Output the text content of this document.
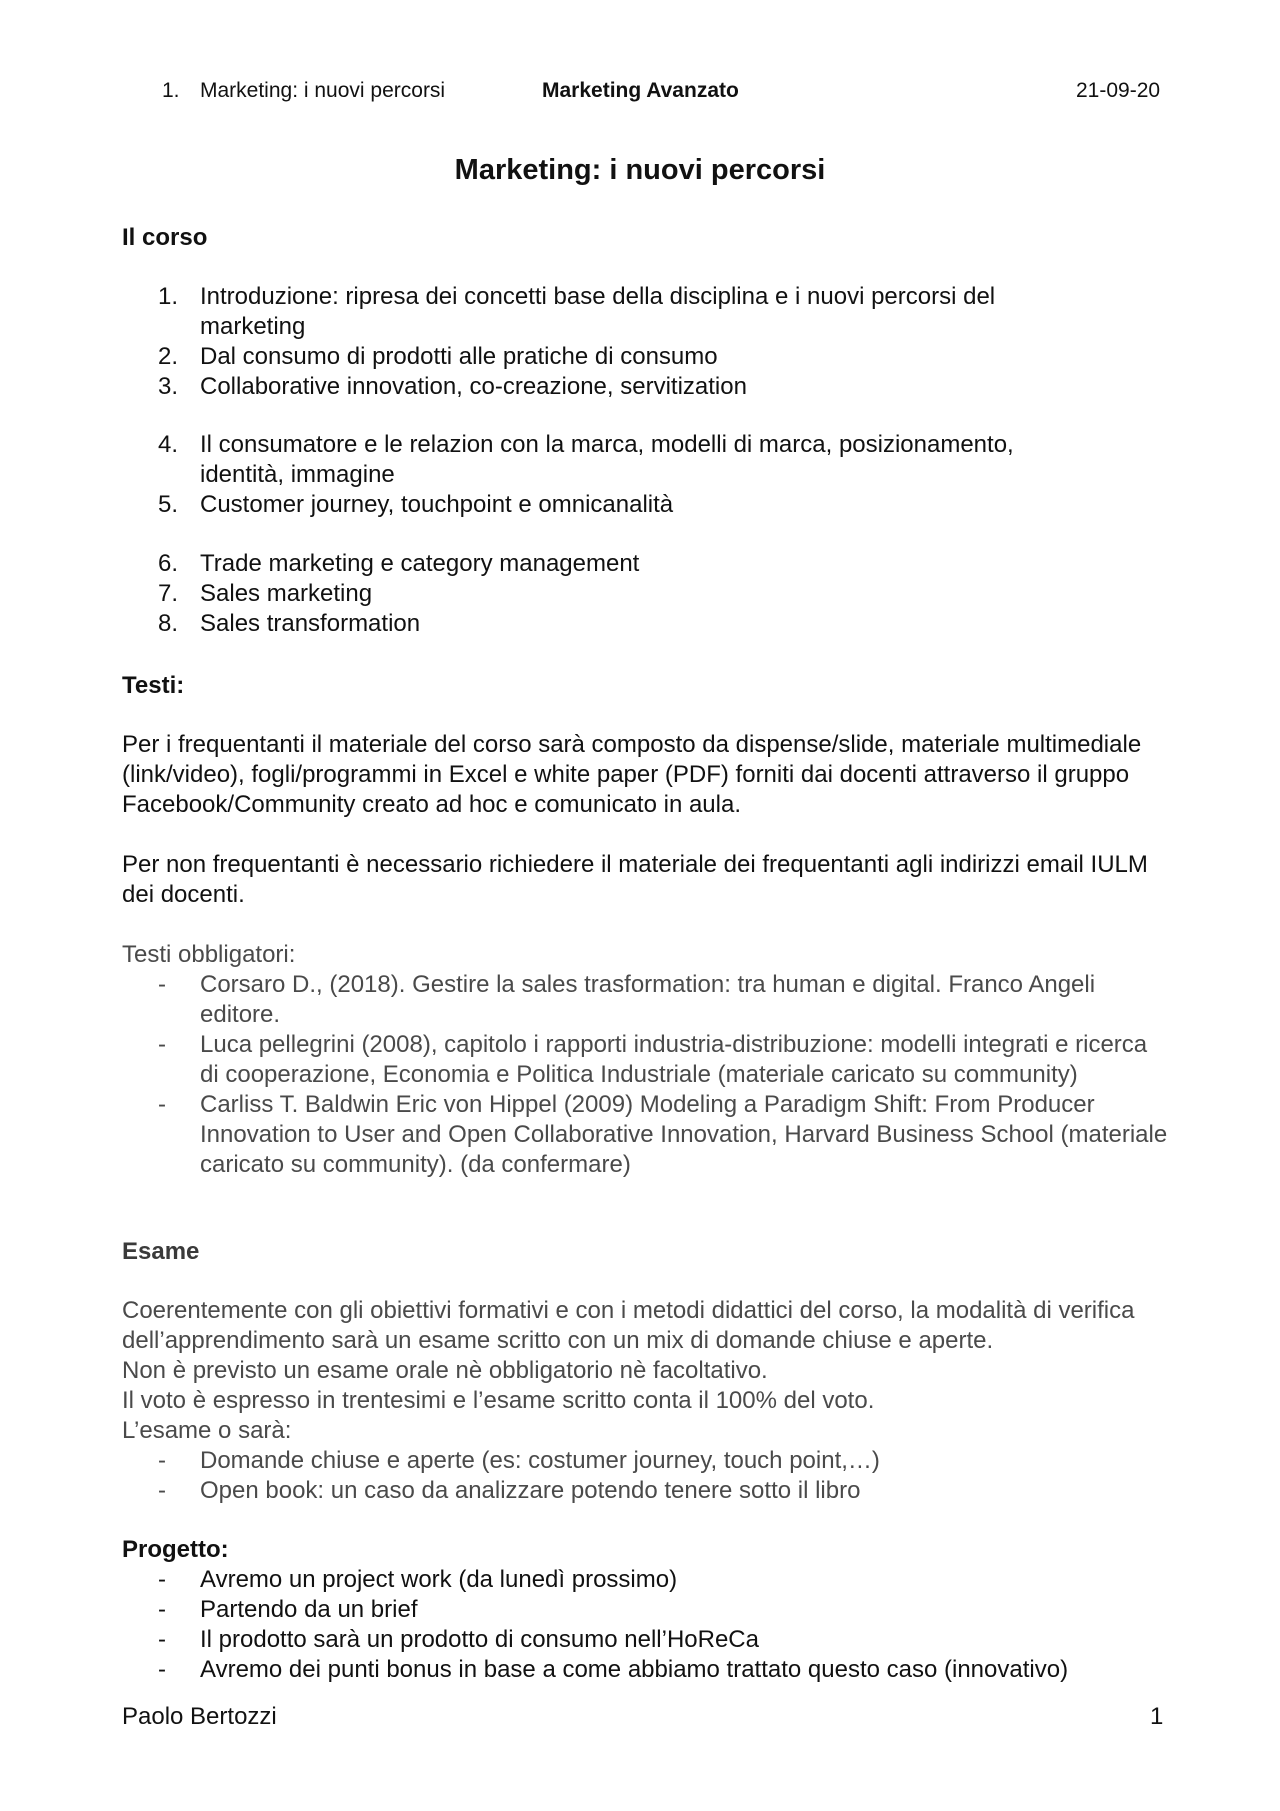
1. Marketing: i nuovi percorsi	Marketing Avanzato	21-09-20
Marketing: i nuovi percorsi
Il corso
1. Introduzione: ripresa dei concetti base della disciplina e i nuovi percorsi del marketing
2. Dal consumo di prodotti alle pratiche di consumo
3. Collaborative innovation, co-creazione, servitization
4. Il consumatore e le relazion con la marca, modelli di marca, posizionamento, identità, immagine
5. Customer journey, touchpoint e omnicanalità
6. Trade marketing e category management
7. Sales marketing
8. Sales transformation
Testi:

Per i frequentanti il materiale del corso sarà composto da dispense/slide, materiale multimediale (link/video), fogli/programmi in Excel e white paper (PDF) forniti dai docenti attraverso il gruppo Facebook/Community creato ad hoc e comunicato in aula.

Per non frequentanti è necessario richiedere il materiale dei frequentanti agli indirizzi email IULM dei docenti.

Testi obbligatori:

-	Corsaro D., (2018). Gestire la sales trasformation: tra human e digital. Franco Angeli editore.
-	Luca pellegrini (2008), capitolo i rapporti industria-distribuzione: modelli integrati e ricerca di cooperazione, Economia e Politica Industriale (materiale caricato su community)
-	Carliss T. Baldwin Eric von Hippel (2009) Modeling a Paradigm Shift: From Producer Innovation to User and Open Collaborative Innovation, Harvard Business School (materiale caricato su community). (da confermare)
Esame

Coerentemente con gli obiettivi formativi e con i metodi didattici del corso, la modalità di verifica dell’apprendimento sarà un esame scritto con un mix di domande chiuse e aperte.

Non è previsto un esame orale nè obbligatorio nè facoltativo.

Il voto è espresso in trentesimi e l’esame scritto conta il 100% del voto.

L’esame o sarà:

-	Domande chiuse e aperte (es: costumer journey, touch point,…)
-	Open book: un caso da analizzare potendo tenere sotto il libro
Progetto:
-	Avremo un project work (da lunedì prossimo)
-	Partendo da un brief
-	Il prodotto sarà un prodotto di consumo nell’HoReCa
-	Avremo dei punti bonus in base a come abbiamo trattato questo caso (innovativo)
Paolo Bertozzi	1
